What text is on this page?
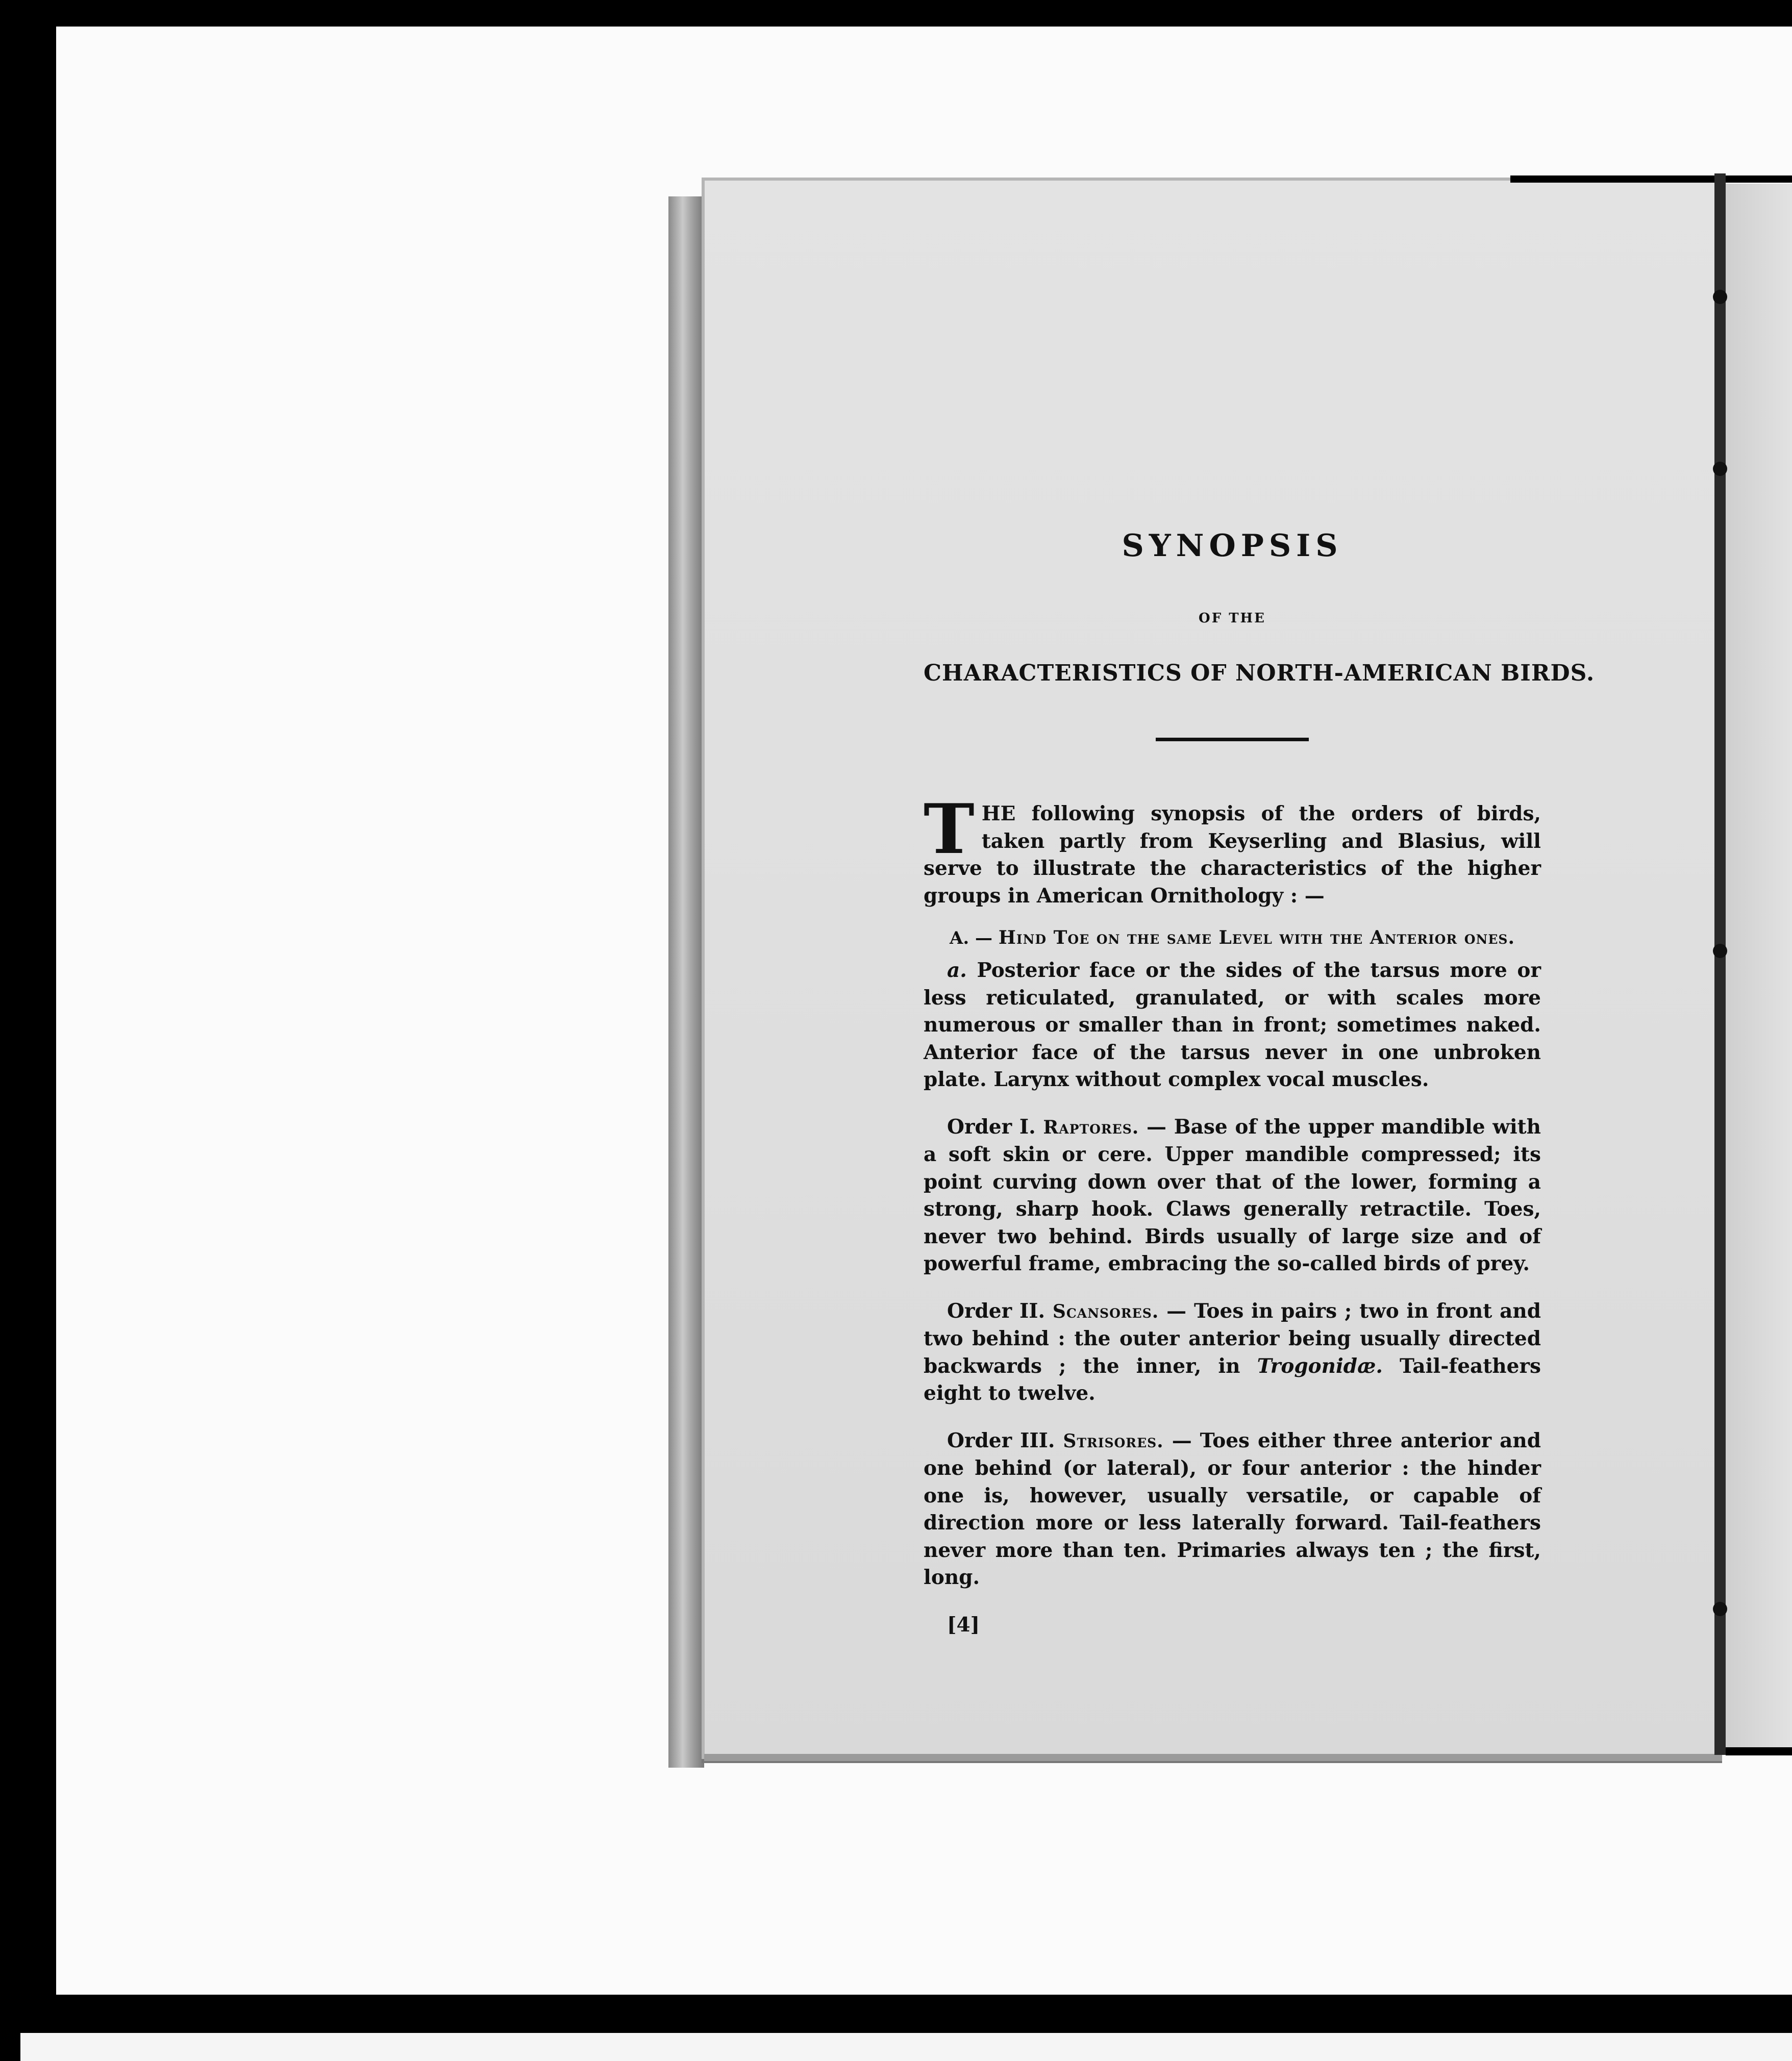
SYNOPSIS
OF THE
CHARACTERISTICS OF NORTH-AMERICAN BIRDS.
THE following synopsis of the orders of birds, taken partly from Keyserling and Blasius, will serve to illustrate the characteristics of the higher groups in American Ornithology : —
A. — Hind Toe on the same Level with the Anterior ones.

a. Posterior face or the sides of the tarsus more or less reticulated, granulated, or with scales more numerous or smaller than in front; sometimes naked. Anterior face of the tarsus never in one unbroken plate. Larynx without complex vocal muscles.

Order I. Raptores. — Base of the upper mandible with a soft skin or cere. Upper mandible compressed; its point curving down over that of the lower, forming a strong, sharp hook. Claws generally retractile. Toes, never two behind. Birds usually of large size and of powerful frame, embracing the so-called birds of prey.

Order II. Scansores. — Toes in pairs ; two in front and two behind : the outer anterior being usually directed backwards ; the inner, in Trogonidæ. Tail-feathers eight to twelve.

Order III. Strisores. — Toes either three anterior and one behind (or lateral), or four anterior : the hinder one is, however, usually versatile, or capable of direction more or less laterally forward. Tail-feathers never more than ten. Primaries always ten ; the first, long.

[4]
